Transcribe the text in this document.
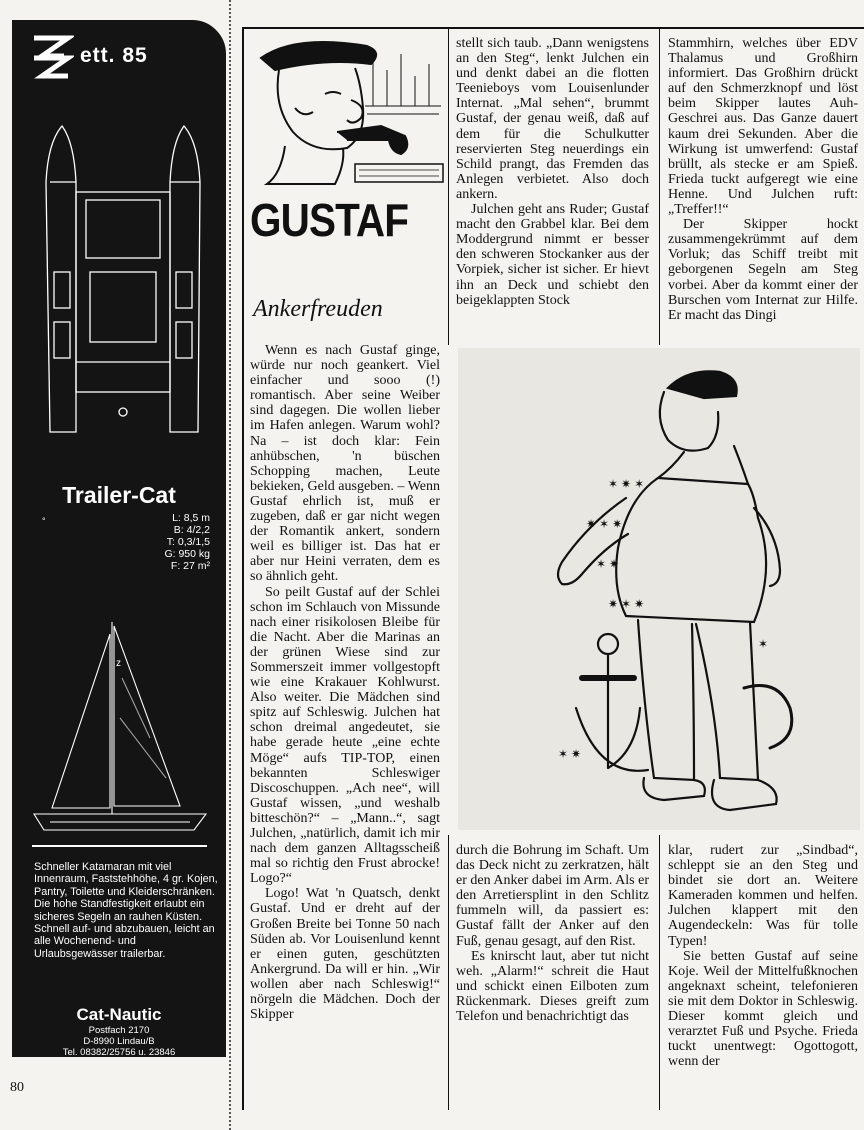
ett. 85
Trailer-Cat
°	L: 8,5 m
B: 4/2,2
T: 0,3/1,5
G: 950 kg
F: 27 m²
z

Schneller Katamaran mit viel Innenraum, Faststehhöhe, 4 gr. Kojen, Pantry, Toilette und Kleiderschränken.

Die hohe Standfestigkeit erlaubt ein sicheres Segeln an rauhen Küsten.

Schnell auf- und abzubauen, leicht an alle Wochenend- und Urlaubsgewässer trailerbar.

Cat-Nautic
Postfach 2170
D-8990 Lindau/B
Tel. 08382/25756 u. 23846
80
GUSTAF
Ankerfreuden

Wenn es nach Gustaf ginge, würde nur noch geankert. Viel einfacher und sooo (!) romantisch. Aber seine Weiber sind dagegen. Die wollen lieber im Hafen anlegen. Warum wohl? Na – ist doch klar: Fein anhübschen, 'n büschen Schopping machen, Leute bekieken, Geld ausgeben. – Wenn Gustaf ehrlich ist, muß er zugeben, daß er gar nicht wegen der Romantik ankert, sondern weil es billiger ist. Das hat er aber nur Heini verraten, dem es so ähnlich geht.

So peilt Gustaf auf der Schlei schon im Schlauch von Missunde nach einer risikolosen Bleibe für die Nacht. Aber die Marinas an der grünen Wiese sind zur Sommerszeit immer vollgestopft wie eine Krakauer Kohlwurst. Also weiter. Die Mädchen sind spitz auf Schleswig. Julchen hat schon dreimal angedeutet, sie habe gerade heute „eine echte Möge“ aufs TIP-TOP, einen bekannten Schleswiger Discoschuppen. „Ach nee“, will Gustaf wissen, „und weshalb bitteschön?“ – „Mann..“, sagt Julchen, „natürlich, damit ich mir nach dem ganzen Alltagsscheiß mal so richtig den Frust abrocke! Logo?“

Logo! Wat 'n Quatsch, denkt Gustaf. Und er dreht auf der Großen Breite bei Tonne 50 nach Süden ab. Vor Louisenlund kennt er einen guten, geschützten Ankergrund. Da will er hin. „Wir wollen aber nach Schleswig!“ nörgeln die Mädchen. Doch der Skipper

stellt sich taub. „Dann wenigstens an den Steg“, lenkt Julchen ein und denkt dabei an die flotten Teenieboys vom Louisenlunder Internat. „Mal sehen“, brummt Gustaf, der genau weiß, daß auf dem für die Schulkutter reservierten Steg neuerdings ein Schild prangt, das Fremden das Anlegen verbietet. Also doch ankern.

Julchen geht ans Ruder; Gustaf macht den Grabbel klar. Bei dem Moddergrund nimmt er besser den schweren Stockanker aus der Vorpiek, sicher ist sicher. Er hievt ihn an Deck und schiebt den beigeklappten Stock

Stammhirn, welches über EDV Thalamus und Großhirn informiert. Das Großhirn drückt auf den Schmerzknopf und löst beim Skipper lautes Auh-Geschrei aus. Das Ganze dauert kaum drei Sekunden. Aber die Wirkung ist umwerfend: Gustaf brüllt, als stecke er am Spieß. Frieda tuckt aufgeregt wie eine Henne. Und Julchen ruft: „Treffer!!“

Der Skipper hockt zusammengekrümmt auf dem Vorluk; das Schiff treibt mit geborgenen Segeln am Steg vorbei. Aber da kommt einer der Burschen vom Internat zur Hilfe. Er macht das Dingi

✶ ✷ ✶
✷ ✶ ✷
✶ ✷
✷ ✶ ✷
✶ ✷
✶

durch die Bohrung im Schaft. Um das Deck nicht zu zerkratzen, hält er den Anker dabei im Arm. Als er den Arretiersplint in den Schlitz fummeln will, da passiert es: Gustaf fällt der Anker auf den Fuß, genau gesagt, auf den Rist.

Es knirscht laut, aber tut nicht weh. „Alarm!“ schreit die Haut und schickt einen Eilboten zum Rückenmark. Dieses greift zum Telefon und benachrichtigt das

klar, rudert zur „Sindbad“, schleppt sie an den Steg und bindet sie dort an. Weitere Kameraden kommen und helfen. Julchen klappert mit den Augendeckeln: Was für tolle Typen!

Sie betten Gustaf auf seine Koje. Weil der Mittelfußknochen angeknaxt scheint, telefonieren sie mit dem Doktor in Schleswig. Dieser kommt gleich und verarztet Fuß und Psyche. Frieda tuckt unentwegt: Ogottogott, wenn der
